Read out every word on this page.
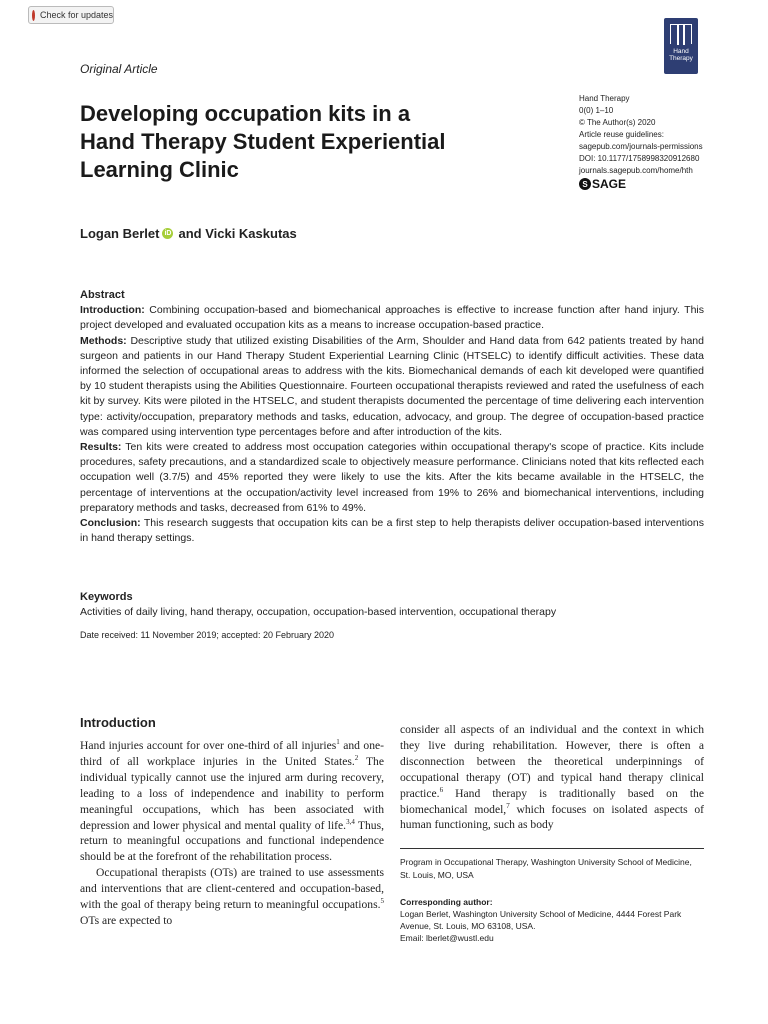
Check for updates
Original Article
Developing occupation kits in a
Hand Therapy Student Experiential
Learning Clinic
Hand
Therapy
Hand Therapy
0(0) 1–10
© The Author(s) 2020
Article reuse guidelines:
sagepub.com/journals-permissions
DOI: 10.1177/1758998320912680
journals.sagepub.com/home/hth
S SAGE
Logan Berlet iD and Vicki Kaskutas
Abstract

Introduction: Combining occupation-based and biomechanical approaches is effective to increase function after hand injury. This project developed and evaluated occupation kits as a means to increase occupation-based practice.

Methods: Descriptive study that utilized existing Disabilities of the Arm, Shoulder and Hand data from 642 patients treated by hand surgeon and patients in our Hand Therapy Student Experiential Learning Clinic (HTSELC) to identify difficult activities. These data informed the selection of occupational areas to address with the kits. Biomechanical demands of each kit developed were quantified by 10 student therapists using the Abilities Questionnaire. Fourteen occupational therapists reviewed and rated the usefulness of each kit by survey. Kits were piloted in the HTSELC, and student therapists documented the percentage of time delivering each intervention type: activity/occupation, preparatory methods and tasks, education, advocacy, and group. The degree of occupation-based practice was compared using intervention type percentages before and after introduction of the kits.

Results: Ten kits were created to address most occupation categories within occupational therapy's scope of practice. Kits include procedures, safety precautions, and a standardized scale to objectively measure performance. Clinicians noted that kits reflected each occupation well (3.7/5) and 45% reported they were likely to use the kits. After the kits became available in the HTSELC, the percentage of interventions at the occupation/activity level increased from 19% to 26% and biomechanical interventions, including preparatory methods and tasks, decreased from 61% to 49%.

Conclusion: This research suggests that occupation kits can be a first step to help therapists deliver occupation-based interventions in hand therapy settings.

Keywords
Activities of daily living, hand therapy, occupation, occupation-based intervention, occupational therapy
Date received: 11 November 2019; accepted: 20 February 2020
Introduction

Hand injuries account for over one-third of all injuries$^1$ and one-third of all workplace injuries in the United States.$^2$ The individual typically cannot use the injured arm during recovery, leading to a loss of independence and inability to perform meaningful occupations, which has been associated with depression and lower physical and mental quality of life.$^{3,4}$ Thus, return to meaningful occupations and functional independence should be at the forefront of the rehabilitation process.

Occupational therapists (OTs) are trained to use assessments and interventions that are client-centered and occupation-based, with the goal of therapy being return to meaningful occupations.$^5$ OTs are expected to

consider all aspects of an individual and the context in which they live during rehabilitation. However, there is often a disconnection between the theoretical underpinnings of occupational therapy (OT) and typical hand therapy clinical practice.$^6$ Hand therapy is traditionally based on the biomechanical model,$^7$ which focuses on isolated aspects of human functioning, such as body

Program in Occupational Therapy, Washington University School of Medicine, St. Louis, MO, USA
Corresponding author:
Logan Berlet, Washington University School of Medicine, 4444 Forest Park Avenue, St. Louis, MO 63108, USA.
Email: lberlet@wustl.edu
